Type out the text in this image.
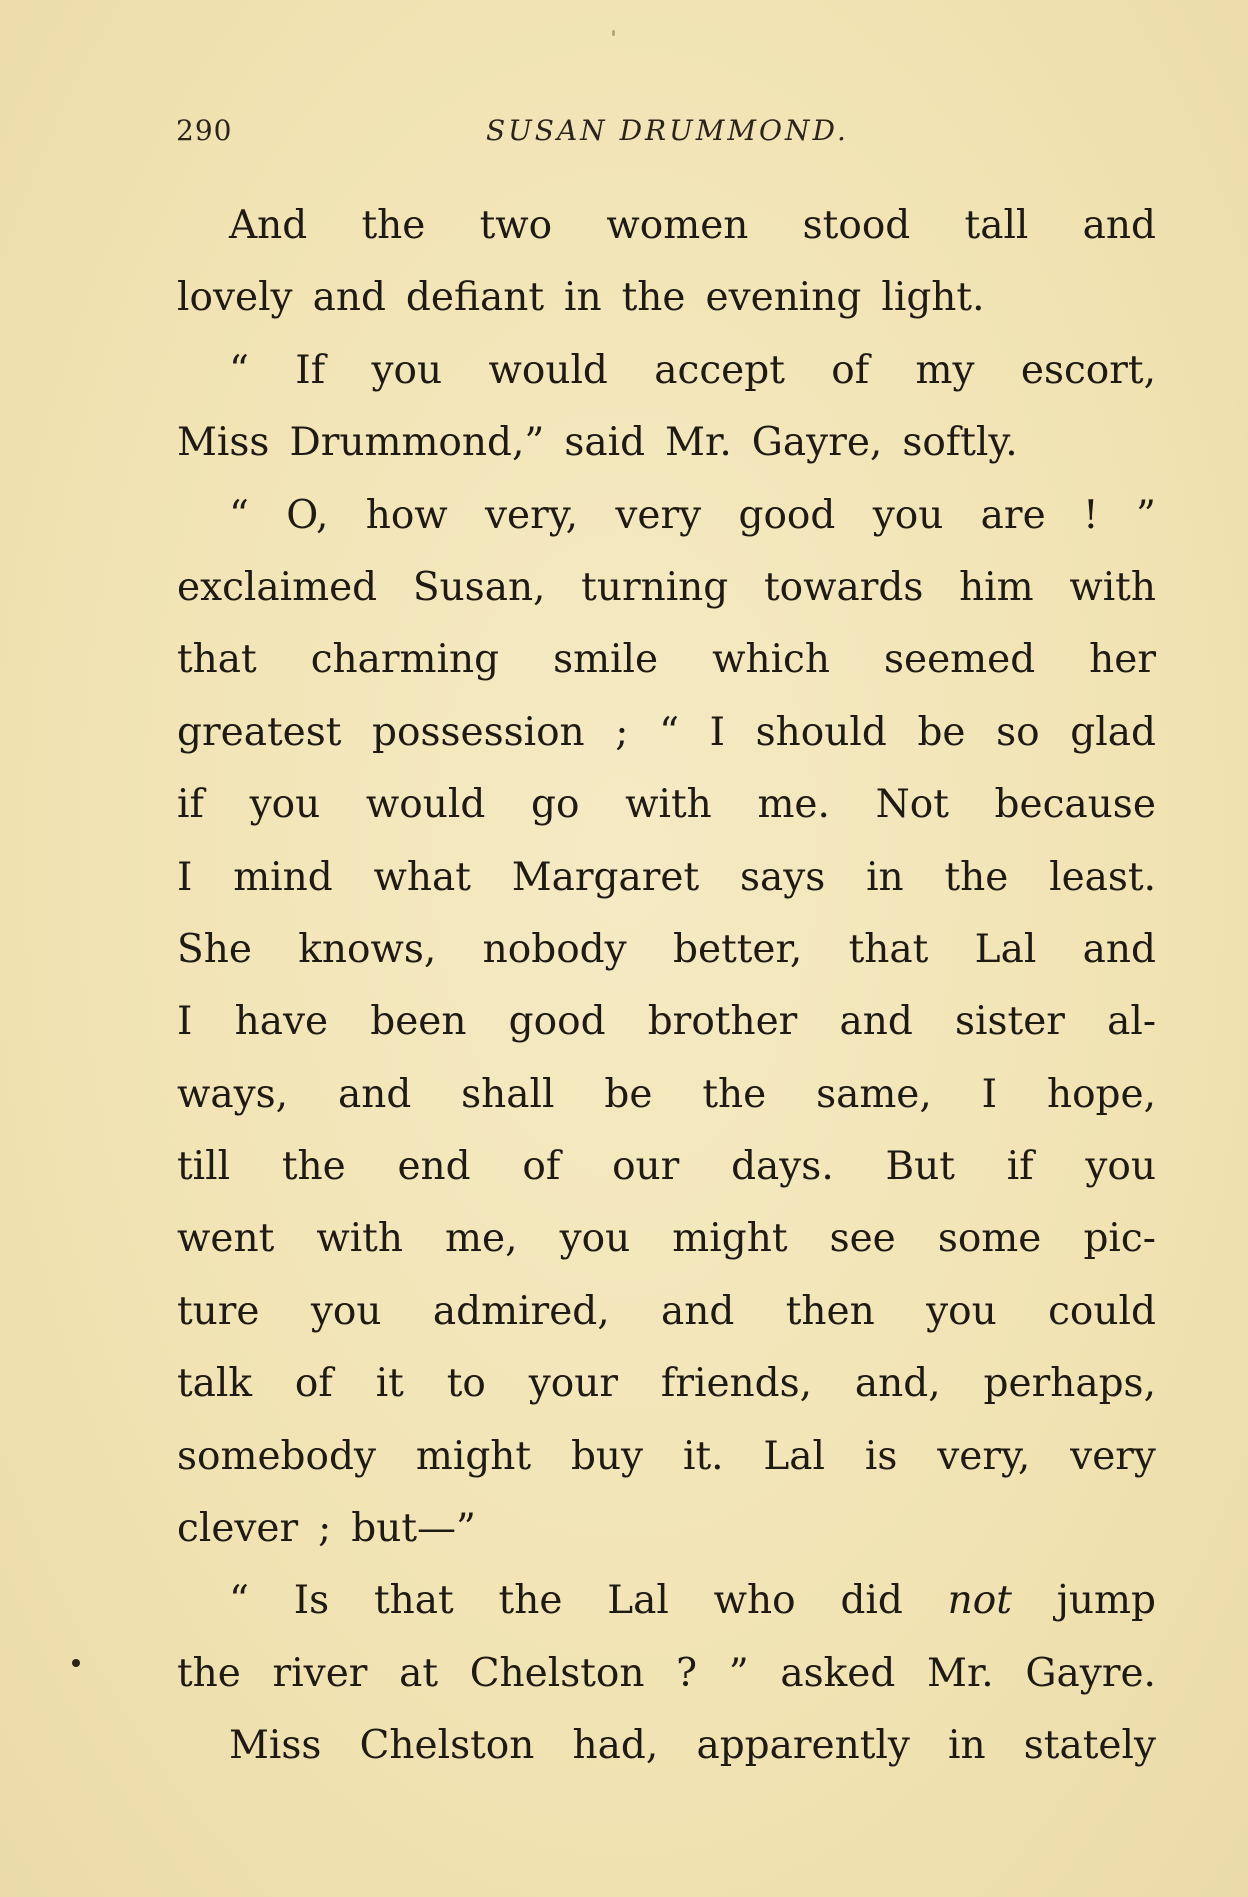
290	SUSAN DRUMMOND.
And the two women stood tall and
lovely and defiant in the evening light.
“ If you would accept of my escort,
Miss Drummond,” said Mr. Gayre, softly.
“ O, how very, very good you are ! ”
exclaimed Susan, turning towards him with
that charming smile which seemed her
greatest possession ; “ I should be so glad
if you would go with me. Not because
I mind what Margaret says in the least.
She knows, nobody better, that Lal and
I have been good brother and sister al-
ways, and shall be the same, I hope,
till the end of our days. But if you
went with me, you might see some pic-
ture you admired, and then you could
talk of it to your friends, and, perhaps,
somebody might buy it. Lal is very, very
clever ; but—”
“ Is that the Lal who did not jump
the river at Chelston ? ” asked Mr. Gayre.
Miss Chelston had, apparently in stately
